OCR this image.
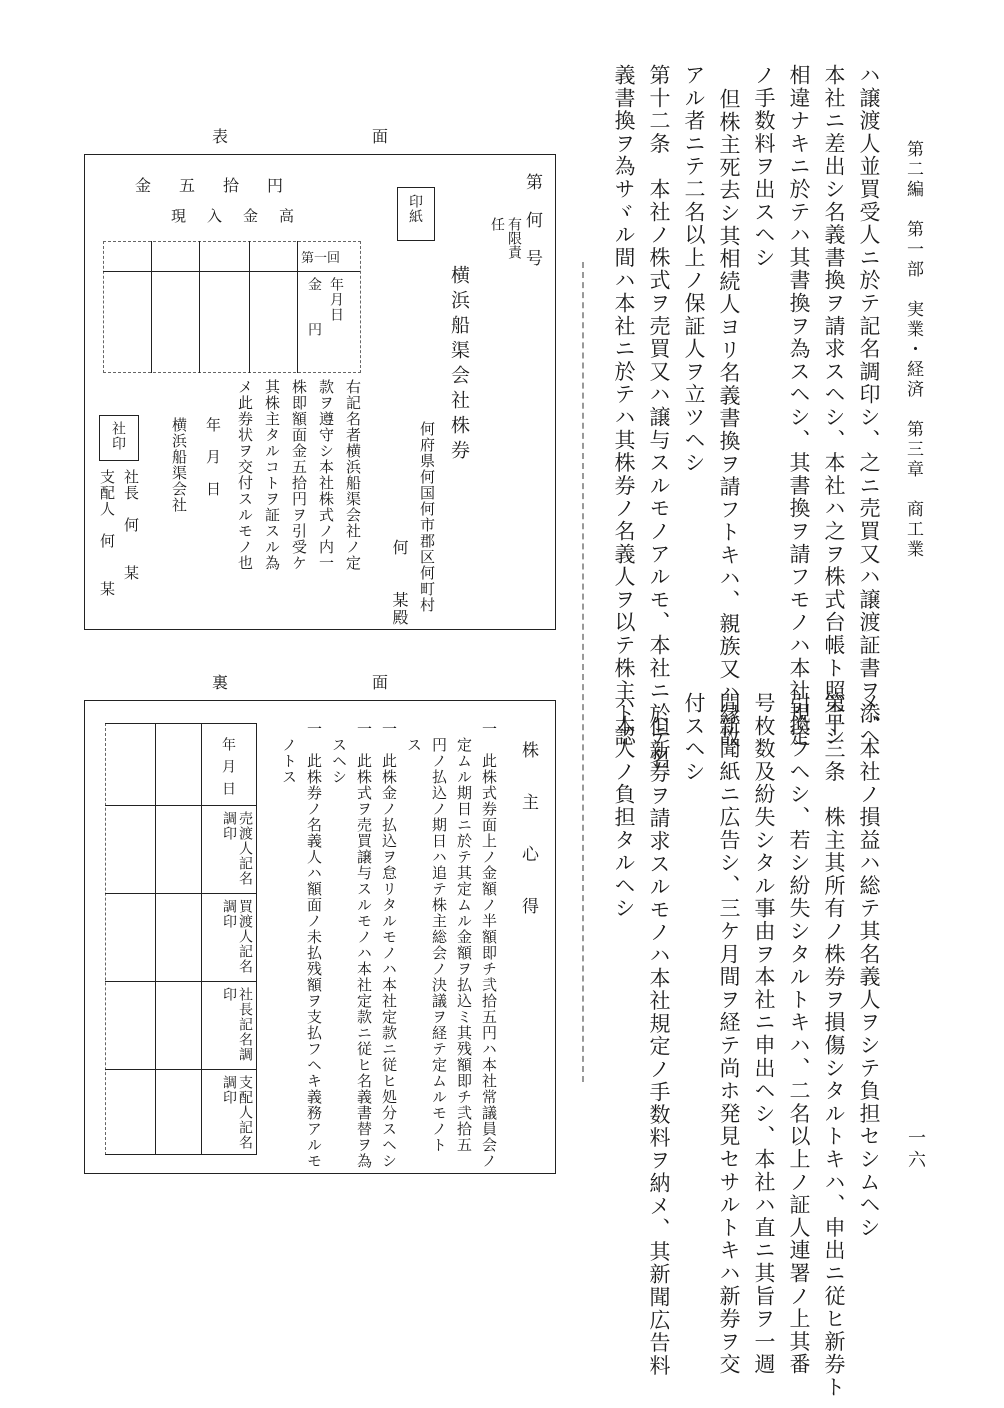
第二編　第一部　実業・経済　第三章　商工業
一六
ハ譲渡人並買受人ニ於テ記名調印シ、之ニ売買又ハ譲渡証書ヲ添ヘ
本社ニ差出シ名義書換ヲ請求スヘシ、本社ハ之ヲ株式台帳ト照合シ
相違ナキニ於テハ其書換ヲ為スヘシ、其書換ヲ請フモノハ本社規定
ノ手数料ヲ出スヘシ
但株主死去シ其相続人ヨリ名義書換ヲ請フトキハ、親族又ハ縁故
アル者ニテ二名以上ノ保証人ヲ立ツヘシ
第十二条　本社ノ株式ヲ売買又ハ譲与スルモノアルモ、本社ニ於テ名
義書換ヲ為サヾル間ハ本社ニ於テハ其株券ノ名義人ヲ以テ株主ト認
メ、本社ノ損益ハ総テ其名義人ヲシテ負担セシムヘシ
第十三条　株主其所有ノ株券ヲ損傷シタルトキハ、申出ニ従ヒ新券ト
引換フヘシ、若シ紛失シタルトキハ、二名以上ノ証人連署ノ上其番
号枚数及紛失シタル事由ヲ本社ニ申出ヘシ、本社ハ直ニ其旨ヲ一週
間新聞紙ニ広告シ、三ケ月間ヲ経テ尚ホ発見セサルトキハ新券ヲ交
付スヘシ
但新券ヲ請求スルモノハ本社規定ノ手数料ヲ納メ、其新聞広告料
ハ本人ノ負担タルヘシ
表　　　　　　　　　面
第　何　号
印紙
有限責任
横浜船渠会社株券
何府県何国何市郡区何町村
何　　某殿
右記名者横浜船渠会社ノ定
款ヲ遵守シ本社株式ノ内一
株即額面金五拾円ヲ引受ケ
其株主タルコトヲ証スル為
メ此券状ヲ交付スルモノ也
年　月　日
横浜船渠会社
社長　何　　某
支配人　何　　某
社印
金　五　拾　円
現　入　金　高
第一回
年月日
金　　円
裏　　　　　　　　　面
株　主　心　得
一　此株式券面上ノ金額ノ半額即チ弐拾五円ハ本社常議員会ノ
　定ムル期日ニ於テ其定ムル金額ヲ払込ミ其残額即チ弐拾五
　円ノ払込ノ期日ハ追テ株主総会ノ決議ヲ経テ定ムルモノト
　ス
一　此株金ノ払込ヲ怠リタルモノハ本社定款ニ従ヒ処分スヘシ
一　此株式ヲ売買譲与スルモノハ本社定款ニ従ヒ名義書替ヲ為
　スヘシ
一　此株券ノ名義人ハ額面ノ未払残額ヲ支払フヘキ義務アルモ
　ノトス
年月日
売渡人記名調印
買渡人記名調印
社長記名調印
支配人記名調印
